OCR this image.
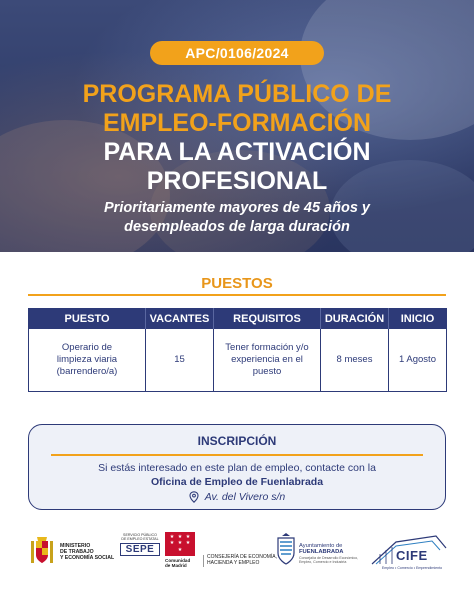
APC/0106/2024
PROGRAMA PÚBLICO DE
EMPLEO-FORMACIÓN
PARA LA ACTIVACIÓN
PROFESIONAL
Prioritariamente mayores de 45 años y
desempleados de larga duración
PUESTOS
PUESTO	VACANTES	REQUISITOS	DURACIÓN	INICIO

Operario de
limpieza viaria
(barrendero/a)	15	Tener formación y/o
experiencia en el puesto	8 meses	1 Agosto
INSCRIPCIÓN
Si estás interesado en este plan de empleo, contacte con la
Oficina de Empleo de Fuenlabrada
Av. del Vivero s/n
MINISTERIO
DE TRABAJO
Y ECONOMÍA SOCIAL
SERVICIO PÚBLICO
DE EMPLEO ESTATAL
SEPE
★ ★ ★
★ ★ ★
★
Comunidad
de Madrid
CONSEJERÍA DE ECONOMÍA,
HACIENDA Y EMPLEO
Ayuntamiento de
FUENLABRADA
Concejalía de Desarrollo Económico,
Empleo, Comercio e Industria	CIFE
Empleo • Comercio • Emprendimiento
